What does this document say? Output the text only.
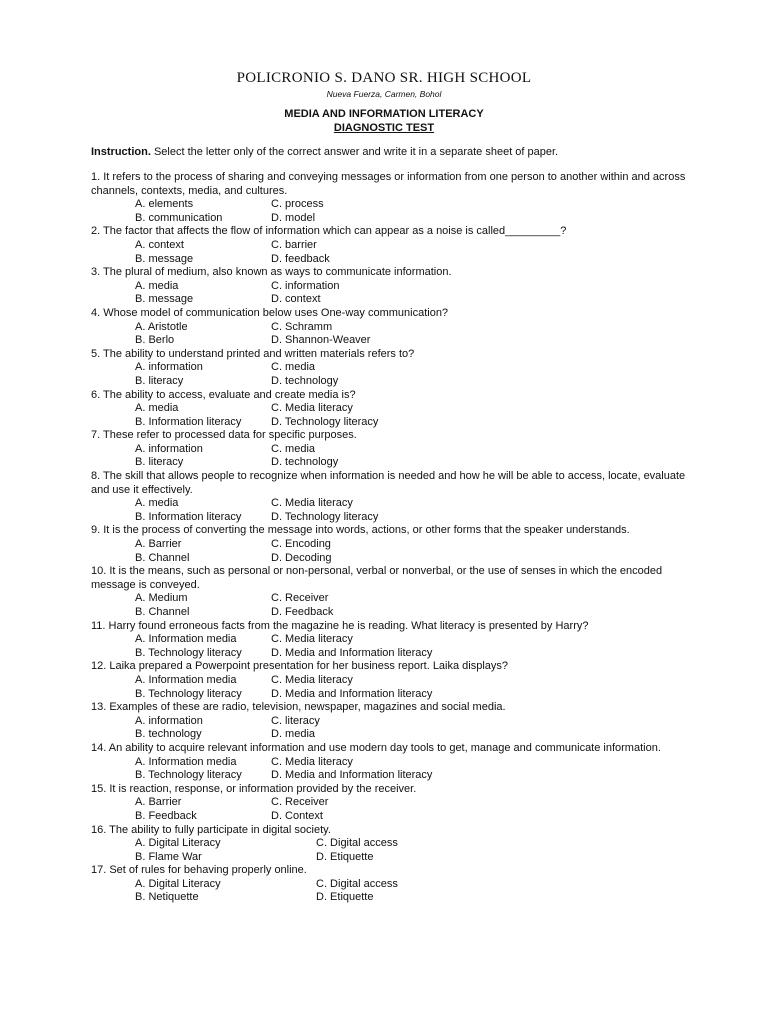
POLICRONIO S. DANO SR. HIGH SCHOOL
Nueva Fuerza, Carmen, Bohol
MEDIA AND INFORMATION LITERACY
DIAGNOSTIC TEST
Instruction. Select the letter only of the correct answer and write it in a separate sheet of paper.
1. It refers to the process of sharing and conveying messages or information from one person to another within and across channels, contexts, media, and cultures.
A. elements	C. process
B. communication	D. model
2. The factor that affects the flow of information which can appear as a noise is called_________?
A. context	C. barrier
B. message	D. feedback
3. The plural of medium, also known as ways to communicate information.
A. media	C. information
B. message	D. context
4. Whose model of communication below uses One-way communication?
A. Aristotle	C. Schramm
B. Berlo	D. Shannon-Weaver
5. The ability to understand printed and written materials refers to?
A. information	C. media
B. literacy	D. technology
6. The ability to access, evaluate and create media is?
A. media	C. Media literacy
B. Information literacy	D. Technology literacy
7. These refer to processed data for specific purposes.
A. information	C. media
B. literacy	D. technology
8. The skill that allows people to recognize when information is needed and how he will be able to access, locate, evaluate and use it effectively.
A. media	C. Media literacy
B. Information literacy	D. Technology literacy
9. It is the process of converting the message into words, actions, or other forms that the speaker understands.
A. Barrier	C. Encoding
B. Channel	D. Decoding
10. It is the means, such as personal or non-personal, verbal or nonverbal, or the use of senses in which the encoded message is conveyed.
A. Medium	C. Receiver
B. Channel	D. Feedback
11. Harry found erroneous facts from the magazine he is reading. What literacy is presented by Harry?
A. Information media	C. Media literacy
B. Technology literacy	D. Media and Information literacy
12. Laika prepared a Powerpoint presentation for her business report. Laika displays?
A. Information media	C. Media literacy
B. Technology literacy	D. Media and Information literacy
13. Examples of these are radio, television, newspaper, magazines and social media.
A. information	C. literacy
B. technology	D. media
14. An ability to acquire relevant information and use modern day tools to get, manage and communicate information.
A. Information media	C. Media literacy
B. Technology literacy	D. Media and Information literacy
15. It is reaction, response, or information provided by the receiver.
A. Barrier	C. Receiver
B. Feedback	D. Context
16. The ability to fully participate in digital society.
A. Digital Literacy	C. Digital access
B. Flame War	D. Etiquette
17. Set of rules for behaving properly online.
A. Digital Literacy	C. Digital access
B. Netiquette	D. Etiquette
